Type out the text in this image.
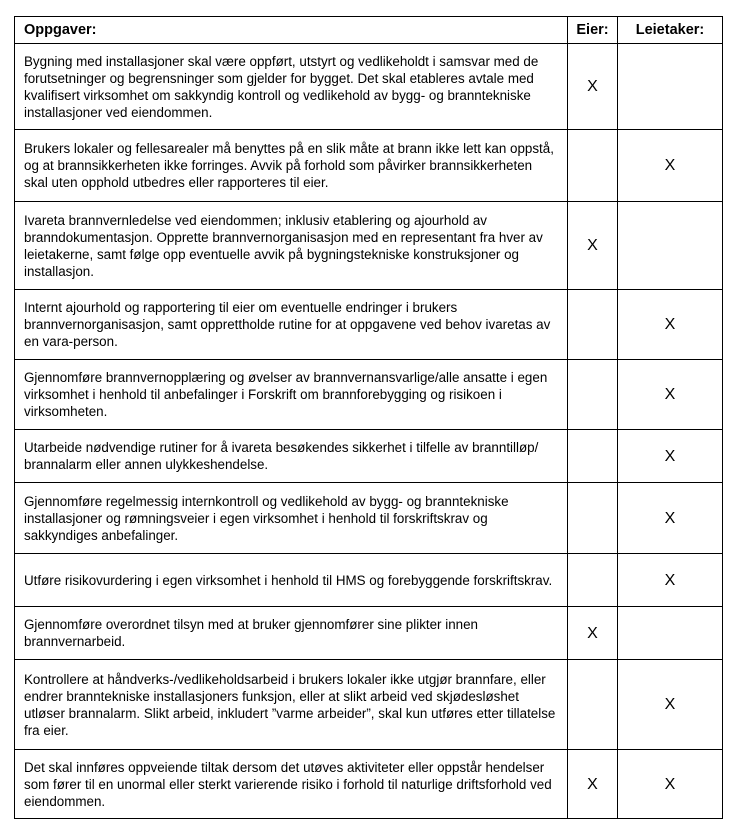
Oppgaver:	Eier:	Leietaker:
Bygning med installasjoner skal være oppført, utstyrt og vedlikeholdt i samsvar med de forutsetninger og begrensninger som gjelder for bygget. Det skal etableres avtale med kvalifisert virksomhet om sakkyndig kontroll og vedlikehold av bygg- og branntekniske installasjoner ved eiendommen.	X	
Brukers lokaler og fellesarealer må benyttes på en slik måte at brann ikke lett kan oppstå, og at brannsikkerheten ikke forringes. Avvik på forhold som påvirker brannsikkerheten skal uten opphold utbedres eller rapporteres til eier.		X
Ivareta brannvernledelse ved eiendommen; inklusiv etablering og ajourhold av branndokumentasjon. Opprette brannvernorganisasjon med en representant fra hver av leietakerne, samt følge opp eventuelle avvik på bygningstekniske konstruksjoner og installasjon.	X	
Internt ajourhold og rapportering til eier om eventuelle endringer i brukers brannvernorganisasjon, samt opprettholde rutine for at oppgavene ved behov ivaretas av en vara-person.		X
Gjennomføre brannvernopplæring og øvelser av brannvernansvarlige/alle ansatte i egen virksomhet i henhold til anbefalinger i Forskrift om brannforebygging og risikoen i virksomheten.		X
Utarbeide nødvendige rutiner for å ivareta besøkendes sikkerhet i tilfelle av branntilløp/ brannalarm eller annen ulykkeshendelse.		X
Gjennomføre regelmessig internkontroll og vedlikehold av bygg- og branntekniske installasjoner og rømningsveier i egen virksomhet i henhold til forskriftskrav og sakkyndiges anbefalinger.		X
Utføre risikovurdering i egen virksomhet i henhold til HMS og forebyggende forskriftskrav.		X
Gjennomføre overordnet tilsyn med at bruker gjennomfører sine plikter innen brannvernarbeid.	X	
Kontrollere at håndverks-/vedlikeholdsarbeid i brukers lokaler ikke utgjør brannfare, eller endrer branntekniske installasjoners funksjon, eller at slikt arbeid ved skjødesløshet utløser brannalarm. Slikt arbeid, inkludert ”varme arbeider”, skal kun utføres etter tillatelse fra eier.		X
Det skal innføres oppveiende tiltak dersom det utøves aktiviteter eller oppstår hendelser som fører til en unormal eller sterkt varierende risiko i forhold til naturlige driftsforhold ved eiendommen.	X	X
